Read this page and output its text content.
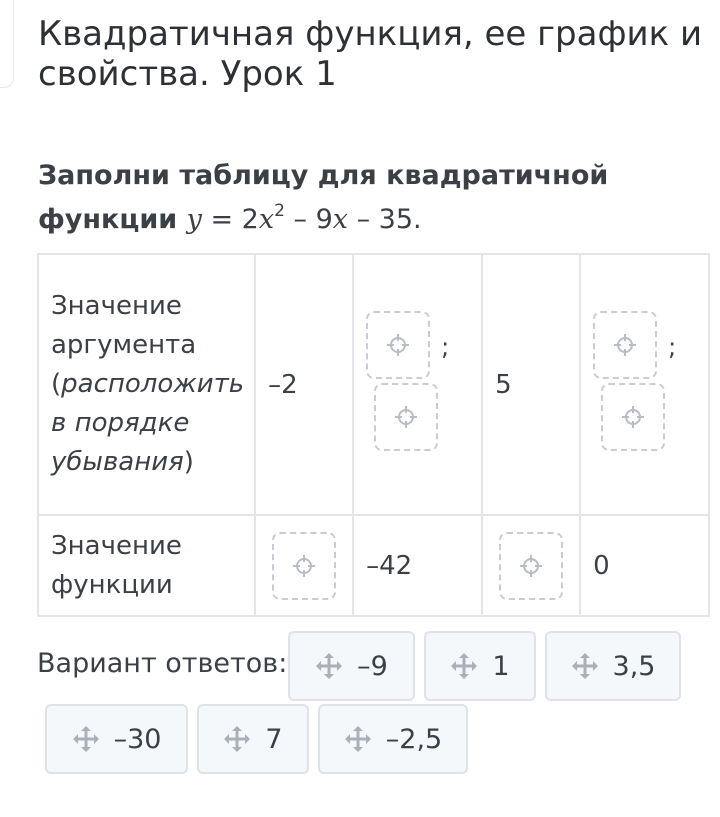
Квадратичная функция, ее график и свойства. Урок 1
Заполни таблицу для квадратичной функции $y = 2x^2 - 9x - 35$.
Значение аргумента (расположить в порядке убывания)	–2	;	5	;

Значение функции		–42		0
Вариант ответов:	–9	1	3,5
–30	7	–2,5
